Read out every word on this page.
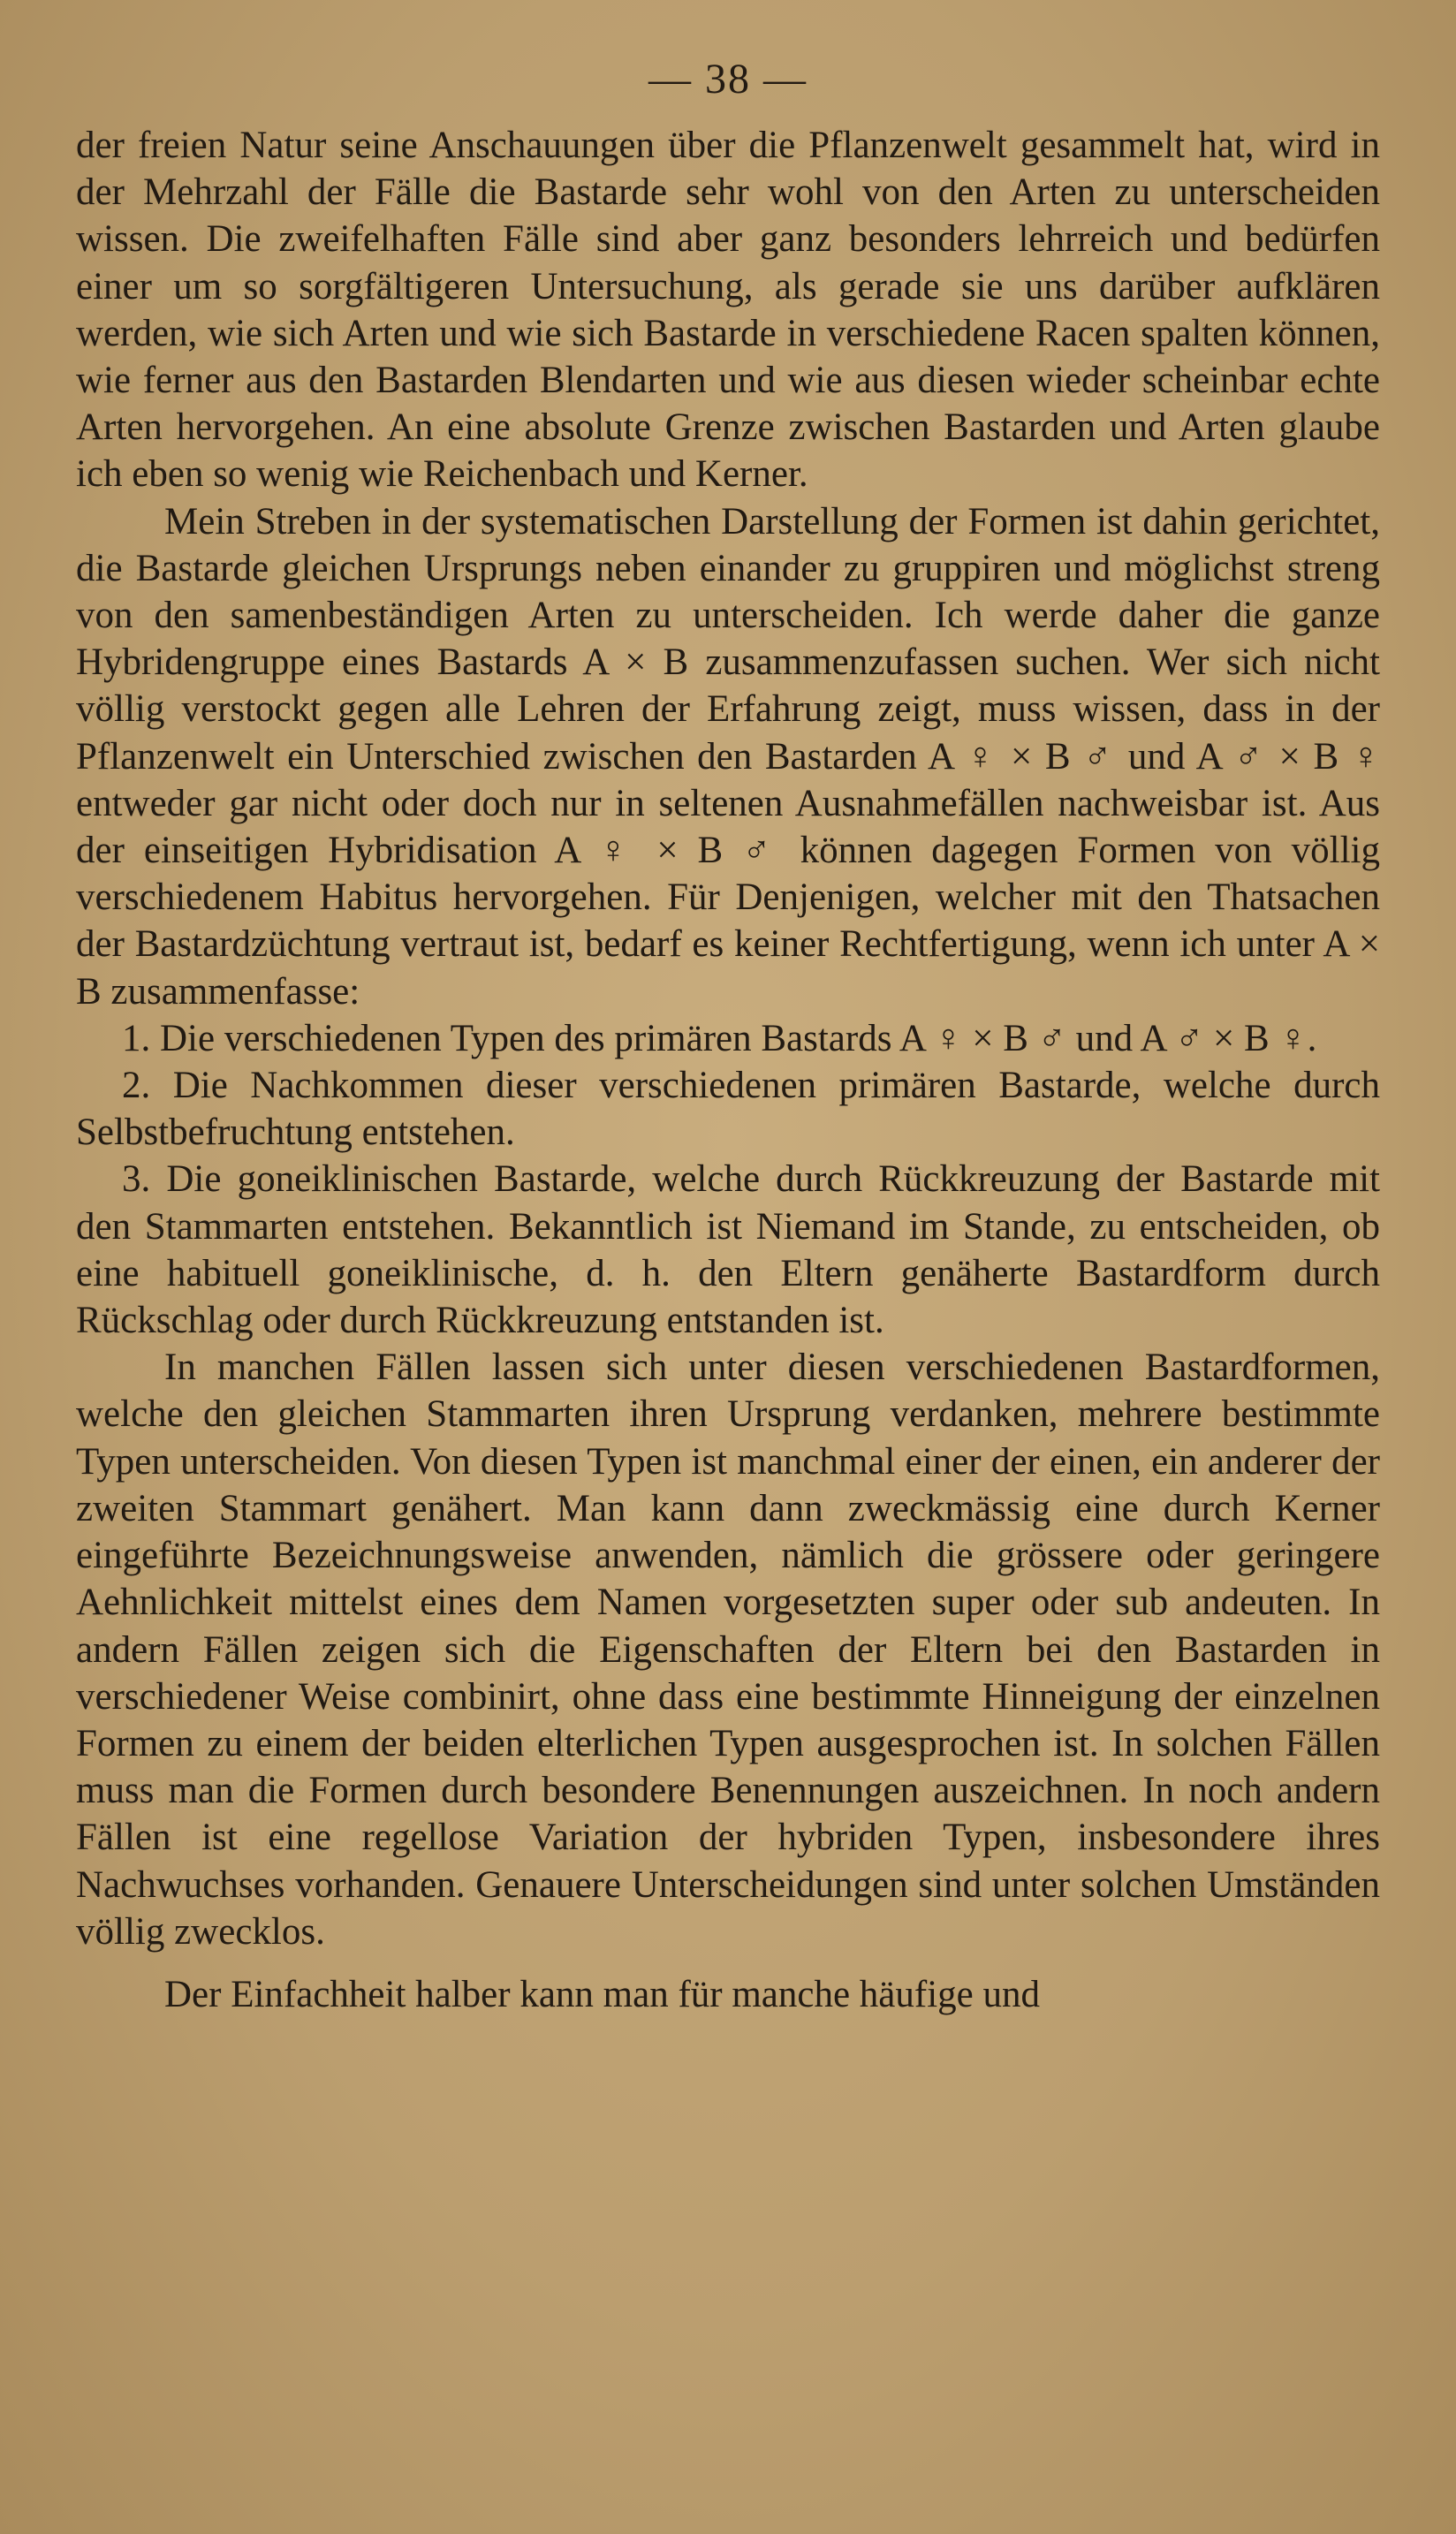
— 38 —

der freien Natur seine Anschauungen über die Pflanzenwelt gesammelt hat, wird in der Mehrzahl der Fälle die Bastarde sehr wohl von den Arten zu unterscheiden wissen. Die zweifelhaften Fälle sind aber ganz besonders lehrreich und bedürfen einer um so sorgfältigeren Untersuchung, als gerade sie uns darüber aufklären werden, wie sich Arten und wie sich Bastarde in verschiedene Racen spalten können, wie ferner aus den Bastarden Blendarten und wie aus diesen wieder scheinbar echte Arten hervorgehen. An eine absolute Grenze zwischen Bastarden und Arten glaube ich eben so wenig wie Reichenbach und Kerner.

Mein Streben in der systematischen Darstellung der Formen ist dahin gerichtet, die Bastarde gleichen Ursprungs neben einander zu gruppiren und möglichst streng von den samenbeständigen Arten zu unterscheiden. Ich werde daher die ganze Hybridengruppe eines Bastards A × B zusammenzufassen suchen. Wer sich nicht völlig verstockt gegen alle Lehren der Erfahrung zeigt, muss wissen, dass in der Pflanzenwelt ein Unterschied zwischen den Bastarden A ♀ × B ♂ und A ♂ × B ♀ entweder gar nicht oder doch nur in seltenen Ausnahmefällen nachweisbar ist. Aus der einseitigen Hybridisation A ♀ × B ♂ können dagegen Formen von völlig verschiedenem Habitus hervorgehen. Für Denjenigen, welcher mit den Thatsachen der Bastardzüchtung vertraut ist, bedarf es keiner Rechtfertigung, wenn ich unter A × B zusammenfasse:

1. Die verschiedenen Typen des primären Bastards A ♀ × B ♂ und A ♂ × B ♀.

2. Die Nachkommen dieser verschiedenen primären Bastarde, welche durch Selbstbefruchtung entstehen.

3. Die goneiklinischen Bastarde, welche durch Rückkreuzung der Bastarde mit den Stammarten entstehen. Bekanntlich ist Niemand im Stande, zu entscheiden, ob eine habituell goneiklinische, d. h. den Eltern genäherte Bastardform durch Rückschlag oder durch Rückkreuzung entstanden ist.

In manchen Fällen lassen sich unter diesen verschiedenen Bastardformen, welche den gleichen Stammarten ihren Ursprung verdanken, mehrere bestimmte Typen unterscheiden. Von diesen Typen ist manchmal einer der einen, ein anderer der zweiten Stammart genähert. Man kann dann zweckmässig eine durch Kerner eingeführte Bezeichnungsweise anwenden, nämlich die grössere oder geringere Aehnlichkeit mittelst eines dem Namen vorgesetzten super oder sub andeuten. In andern Fällen zeigen sich die Eigenschaften der Eltern bei den Bastarden in verschiedener Weise combinirt, ohne dass eine bestimmte Hinneigung der einzelnen Formen zu einem der beiden elterlichen Typen ausgesprochen ist. In solchen Fällen muss man die Formen durch besondere Benennungen auszeichnen. In noch andern Fällen ist eine regellose Variation der hybriden Typen, insbesondere ihres Nachwuchses vorhanden. Genauere Unterscheidungen sind unter solchen Umständen völlig zwecklos.

Der Einfachheit halber kann man für manche häufige und
